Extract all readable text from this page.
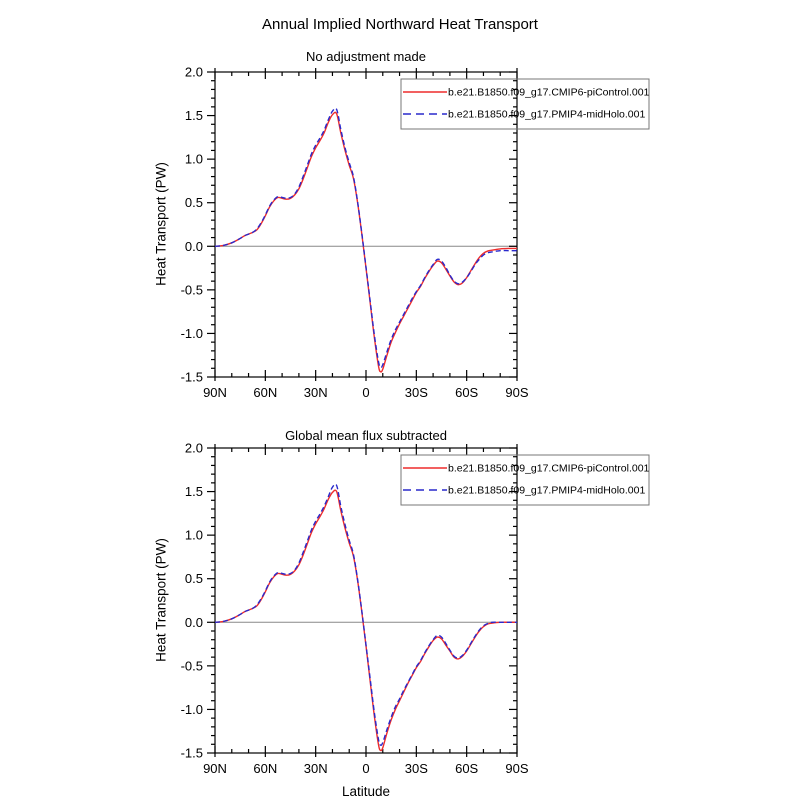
Annual Implied Northward Heat Transport
No adjustment made
Global mean flux subtracted
Heat Transport (PW)
Heat Transport (PW)
Latitude
90N 60N 30N	0	30S 60S 90S
2.0
1.5
1.0
0.5
0.0
-0.5
-1.0
-1.5
b.e21.B1850.f09_g17.CMIP6-piControl.001
b.e21.B1850.f09_g17.PMIP4-midHolo.001
90N 60N 30N	0	30S 60S 90S
2.0
1.5
1.0
0.5
0.0
-0.5
-1.0
-1.5
b.e21.B1850.f09_g17.CMIP6-piControl.001
b.e21.B1850.f09_g17.PMIP4-midHolo.001
